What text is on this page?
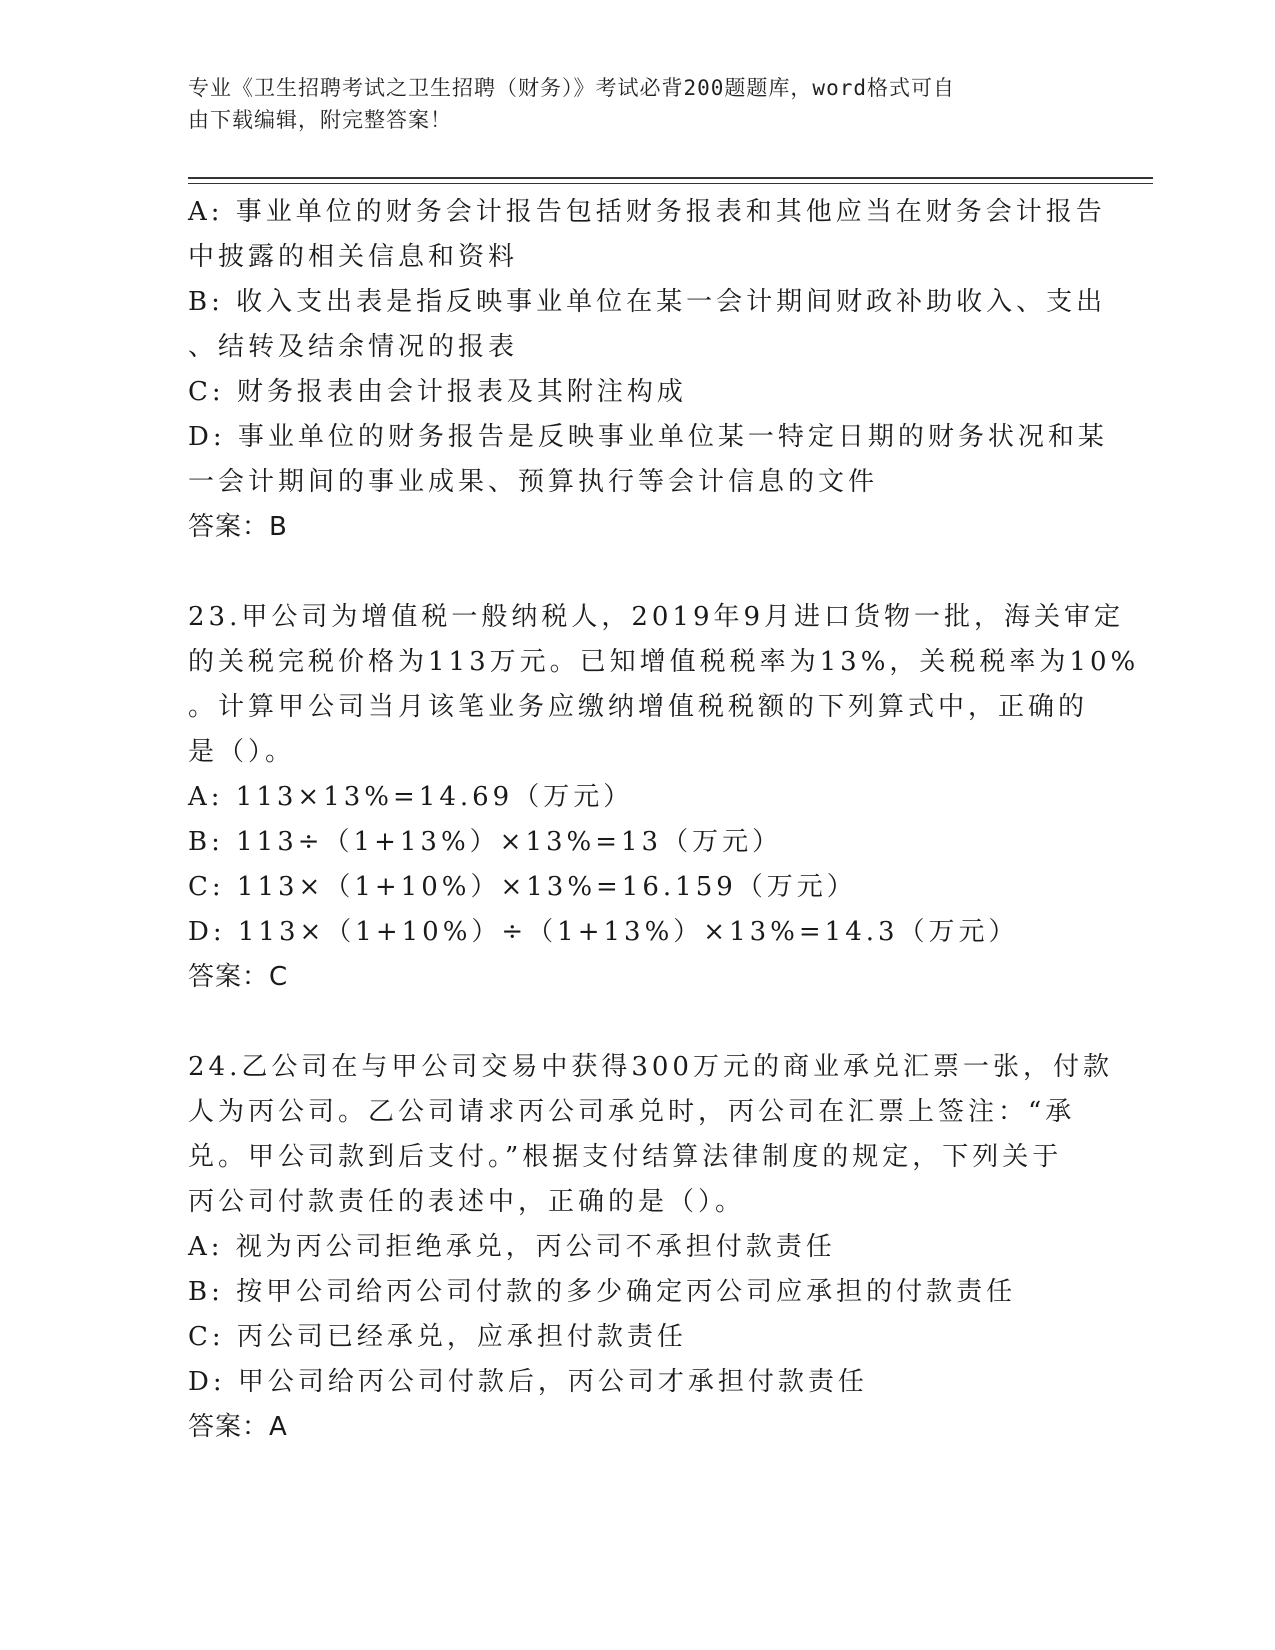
专业《卫生招聘考试之卫生招聘（财务）》考试必背200题题库，word格式可自
由下载编辑，附完整答案！
A: 事业单位的财务会计报告包括财务报表和其他应当在财务会计报告
中披露的相关信息和资料
B: 收入支出表是指反映事业单位在某一会计期间财政补助收入、支出
、结转及结余情况的报表
C: 财务报表由会计报表及其附注构成
D: 事业单位的财务报告是反映事业单位某一特定日期的财务状况和某
一会计期间的事业成果、预算执行等会计信息的文件
答案：B
23.甲公司为增值税一般纳税人，2019年9月进口货物一批，海关审定
的关税完税价格为113万元。已知增值税税率为13%，关税税率为10%
。计算甲公司当月该笔业务应缴纳增值税税额的下列算式中，正确的
是（）。
A: 113×13%=14.69（万元）
B: 113÷（1+13%）×13%=13（万元）
C: 113×（1+10%）×13%=16.159（万元）
D: 113×（1+10%）÷（1+13%）×13%=14.3（万元）
答案：C
24.乙公司在与甲公司交易中获得300万元的商业承兑汇票一张，付款
人为丙公司。乙公司请求丙公司承兑时，丙公司在汇票上签注：“承
兑。甲公司款到后支付。”根据支付结算法律制度的规定，下列关于
丙公司付款责任的表述中，正确的是（）。
A: 视为丙公司拒绝承兑，丙公司不承担付款责任
B: 按甲公司给丙公司付款的多少确定丙公司应承担的付款责任
C: 丙公司已经承兑，应承担付款责任
D: 甲公司给丙公司付款后，丙公司才承担付款责任
答案：A
